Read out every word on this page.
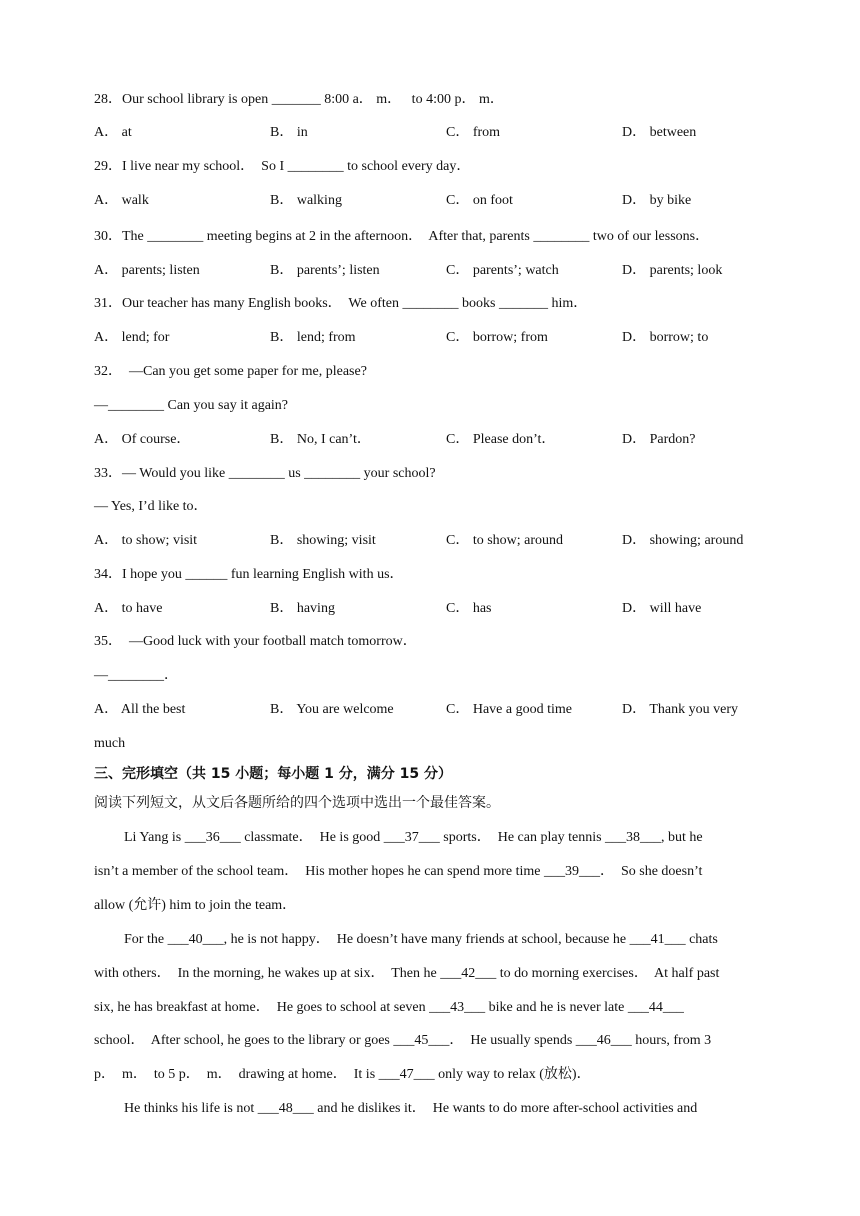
28．Our school library is open _______ 8:00 a． m．   to 4:00 p． m．
A． at	B． in	C． from	D． between
29．I live near my school．  So I ________ to school every day．
A． walk	B． walking	C． on foot	D． by bike
30．The ________ meeting begins at 2 in the afternoon．  After that, parents ________ two of our lessons．
A． parents; listen	B． parents’; listen	C． parents’; watch	D． parents; look
31．Our teacher has many English books．  We often ________ books _______ him．
A． lend; for	B． lend; from	C． borrow; from	D． borrow; to
32．  —Can you get some paper for me, please?
—________ Can you say it again?
A． Of course．	B． No, I can’t．	C． Please don’t．	D． Pardon?
33．— Would you like ________ us ________ your school?
— Yes, I’d like to．
A． to show; visit	B． showing; visit	C． to show; around	D． showing; around
34．I hope you ______ fun learning English with us．
A． to have	B． having	C． has	D． will have
35．  —Good luck with your football match tomorrow．
—________．
A． All the best	B． You are welcome	C． Have a good time	D． Thank you very
much
三、完形填空（共 15 小题；每小题 1 分，满分 15 分）
阅读下列短文，从文后各题所给的四个选项中选出一个最佳答案。
Li Yang is ___36___ classmate．  He is good ___37___ sports．  He can play tennis ___38___, but he
isn’t a member of the school team．  His mother hopes he can spend more time ___39___．  So she doesn’t
allow (允许) him to join the team．
For the ___40___, he is not happy．  He doesn’t have many friends at school, because he ___41___ chats
with others．  In the morning, he wakes up at six．  Then he ___42___ to do morning exercises．  At half past
six, he has breakfast at home．  He goes to school at seven ___43___ bike and he is never late ___44___
school．  After school, he goes to the library or goes ___45___．  He usually spends ___46___ hours, from 3
p．  m．  to 5 p．  m．  drawing at home．  It is ___47___ only way to relax (放松)．
He thinks his life is not ___48___ and he dislikes it．  He wants to do more after-school activities and
